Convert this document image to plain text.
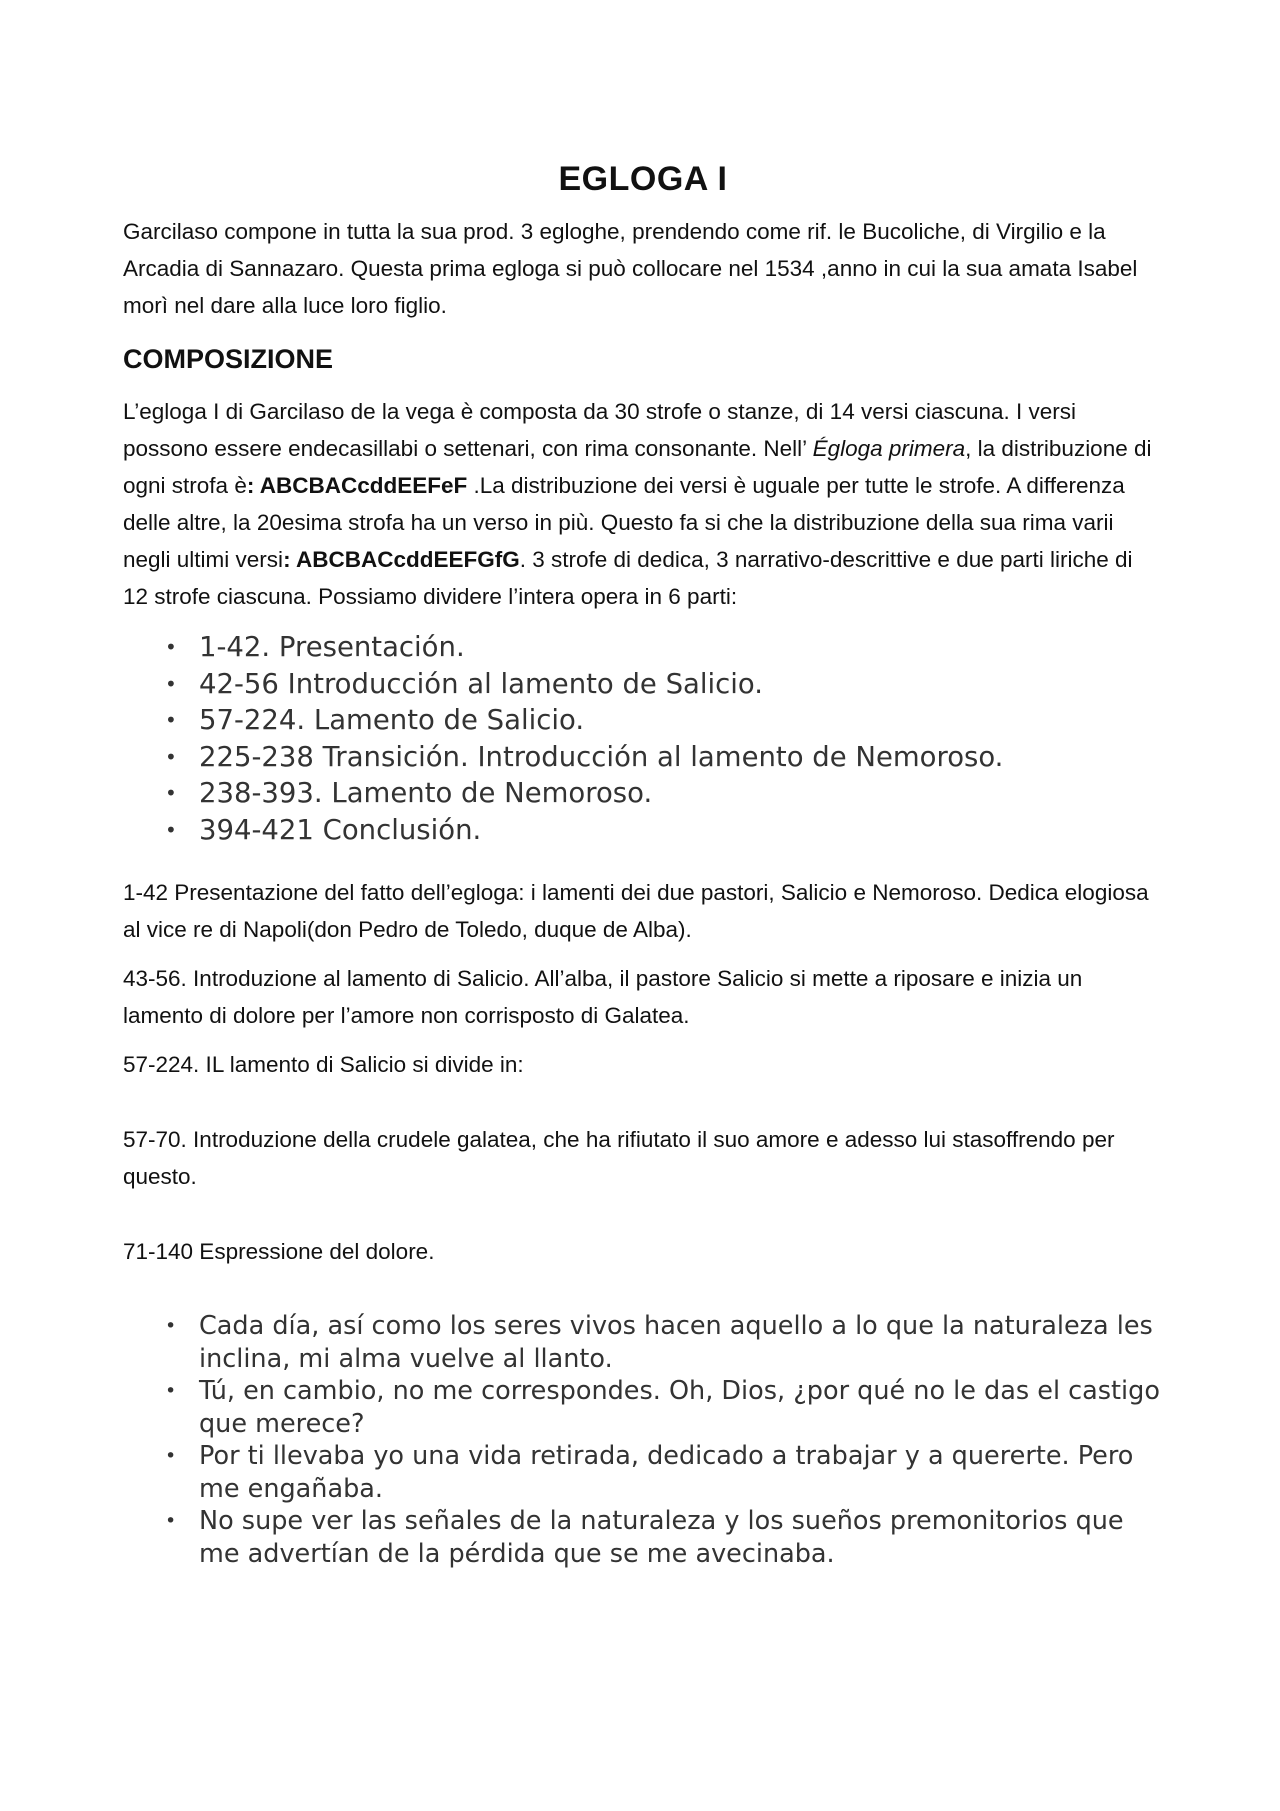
EGLOGA I

Garcilaso compone in tutta la sua prod. 3 egloghe, prendendo come rif. le Bucoliche, di Virgilio e la Arcadia di Sannazaro. Questa prima egloga si può collocare nel 1534 ,anno in cui la sua amata Isabel morì nel dare alla luce loro figlio.

COMPOSIZIONE

L’egloga I di Garcilaso de la vega è composta da 30 strofe o stanze, di 14 versi ciascuna. I versi possono essere endecasillabi o settenari, con rima consonante. Nell’ Égloga primera, la distribuzione di ogni strofa è: ABCBACcddEEFeF .La distribuzione dei versi è uguale per tutte le strofe. A differenza delle altre, la 20esima strofa ha un verso in più. Questo fa si che la distribuzione della sua rima varii negli ultimi versi: ABCBACcddEEFGfG. 3 strofe di dedica, 3 narrativo-descrittive e due parti liriche di 12 strofe ciascuna. Possiamo dividere l’intera opera in 6 parti:

• 1-42. Presentación.
• 42-56 Introducción al lamento de Salicio.
• 57-224. Lamento de Salicio.
• 225-238 Transición. Introducción al lamento de Nemoroso.
• 238-393. Lamento de Nemoroso.
• 394-421 Conclusión.

1-42 Presentazione del fatto dell’egloga: i lamenti dei due pastori, Salicio e Nemoroso. Dedica elogiosa al vice re di Napoli(don Pedro de Toledo, duque de Alba).

43-56. Introduzione al lamento di Salicio. All’alba, il pastore Salicio si mette a riposare e inizia un lamento di dolore per l’amore non corrisposto di Galatea.

57-224. IL lamento di Salicio si divide in:

57-70. Introduzione della crudele galatea, che ha rifiutato il suo amore e adesso lui stasoffrendo per questo.

71-140 Espressione del dolore.

• Cada día, así como los seres vivos hacen aquello a lo que la naturaleza les inclina, mi alma vuelve al llanto.
• Tú, en cambio, no me correspondes. Oh, Dios, ¿por qué no le das el castigo que merece?
• Por ti llevaba yo una vida retirada, dedicado a trabajar y a quererte. Pero me engañaba.
• No supe ver las señales de la naturaleza y los sueños premonitorios que me advertían de la pérdida que se me avecinaba.
